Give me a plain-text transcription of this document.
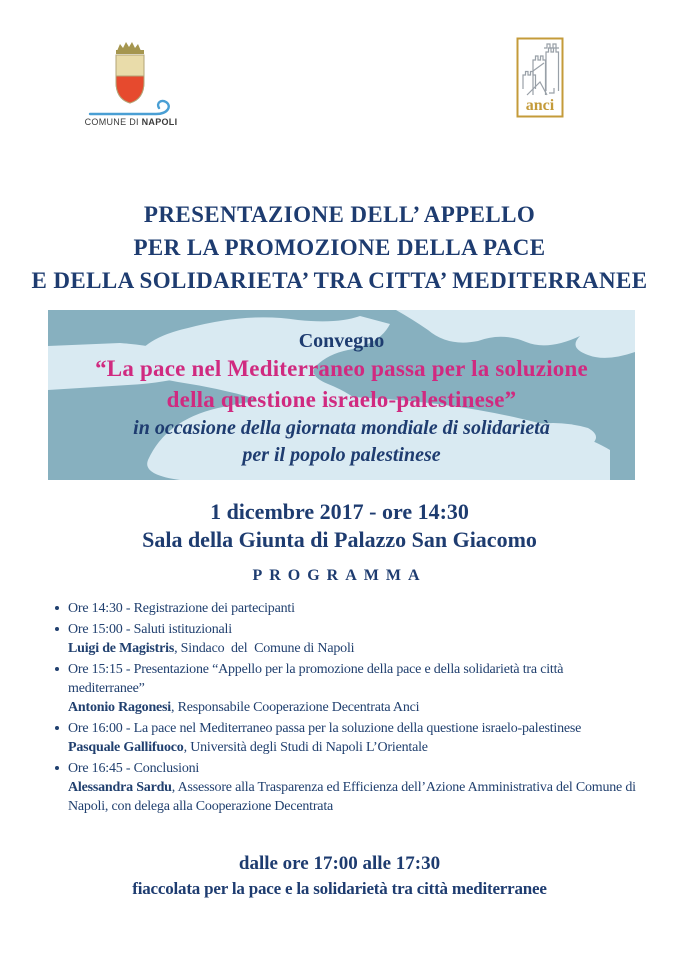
COMUNE DI NAPOLI
anci
PRESENTAZIONE DELL’ APPELLO
PER LA PROMOZIONE DELLA PACE
E DELLA SOLIDARIETA’ TRA CITTA’ MEDITERRANEE
Convegno
“La pace nel Mediterraneo passa per la soluzione
della questione israelo-palestinese”
in occasione della giornata mondiale di solidarietà
per il popolo palestinese
1 dicembre 2017 - ore 14:30
Sala della Giunta di Palazzo San Giacomo
PROGRAMMA
Ore 14:30 - Registrazione dei partecipanti
Ore 15:00 - Saluti istituzionali
Luigi de Magistris, Sindaco  del  Comune di Napoli
Ore 15:15 - Presentazione “Appello per la promozione della pace e della solidarietà tra città mediterranee”
Antonio Ragonesi, Responsabile Cooperazione Decentrata Anci
Ore 16:00 - La pace nel Mediterraneo passa per la soluzione della questione israelo-palestinese
Pasquale Gallifuoco, Università degli Studi di Napoli L’Orientale
Ore 16:45 - Conclusioni
Alessandra Sardu, Assessore alla Trasparenza ed Efficienza dell’Azione Amministrativa del Comune di Napoli, con delega alla Cooperazione Decentrata
dalle ore 17:00 alle 17:30
fiaccolata per la pace e la solidarietà tra città mediterranee
